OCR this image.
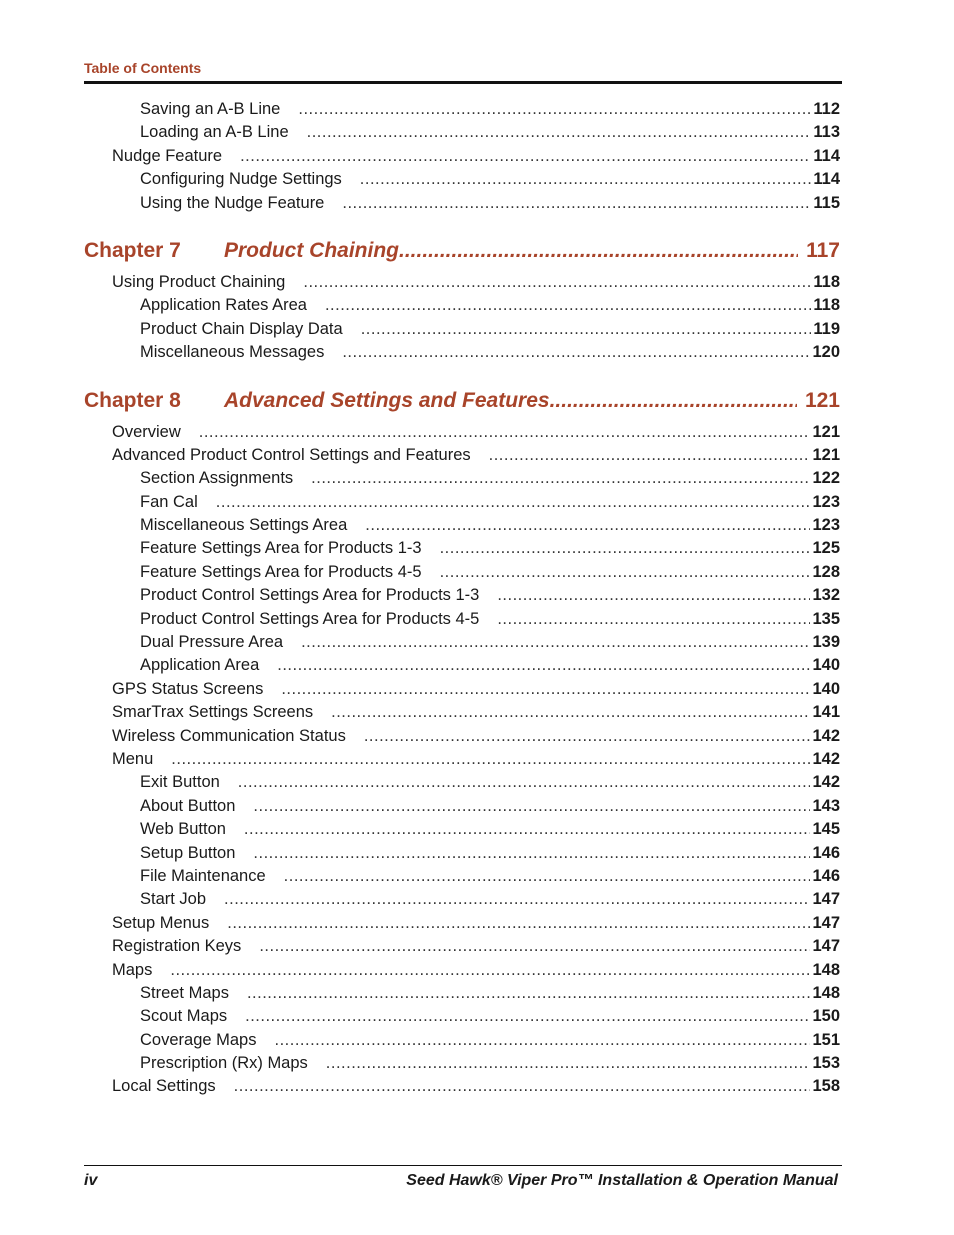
Table of Contents
Saving an A-B Line .....	112
Loading an A-B Line .....	113
Nudge Feature .....	114
Configuring Nudge Settings .....	114
Using the Nudge Feature .....	115
Chapter 7	Product Chaining .....	117
Using Product Chaining .....	118
Application Rates Area .....	118
Product Chain Display Data .....	119
Miscellaneous Messages .....	120
Chapter 8	Advanced Settings and Features .....	121
Overview .....	121
Advanced Product Control Settings and Features .....	121
Section Assignments .....	122
Fan Cal .....	123
Miscellaneous Settings Area .....	123
Feature Settings Area for Products 1-3 .....	125
Feature Settings Area for Products 4-5 .....	128
Product Control Settings Area for Products 1-3 .....	132
Product Control Settings Area for Products 4-5 .....	135
Dual Pressure Area .....	139
Application Area .....	140
GPS Status Screens .....	140
SmarTrax Settings Screens .....	141
Wireless Communication Status .....	142
Menu .....	142
Exit Button .....	142
About Button .....	143
Web Button .....	145
Setup Button .....	146
File Maintenance .....	146
Start Job .....	147
Setup Menus .....	147
Registration Keys .....	147
Maps .....	148
Street Maps .....	148
Scout Maps .....	150
Coverage Maps .....	151
Prescription (Rx) Maps .....	153
Local Settings .....	158
iv	Seed Hawk® Viper Pro™ Installation & Operation Manual
